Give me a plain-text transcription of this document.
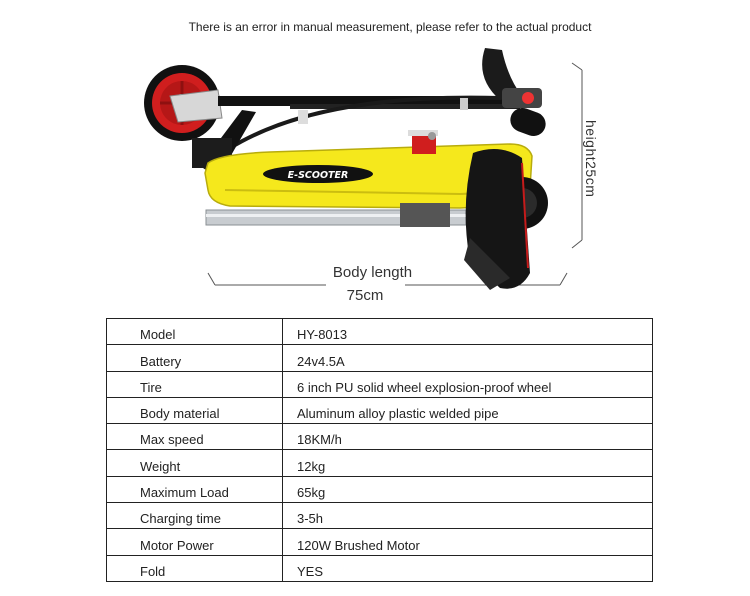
There is an error in manual measurement, please refer to the actual product
E-SCOOTER	height25cm
Body length
75cm
Model	HY-8013
Battery	24v4.5A
Tire	6 inch PU solid wheel explosion-proof wheel
Body material	Aluminum alloy plastic welded pipe
Max speed	18KM/h
Weight	12kg
Maximum Load	65kg
Charging time	3-5h
Motor Power	120W Brushed Motor
Fold	YES
